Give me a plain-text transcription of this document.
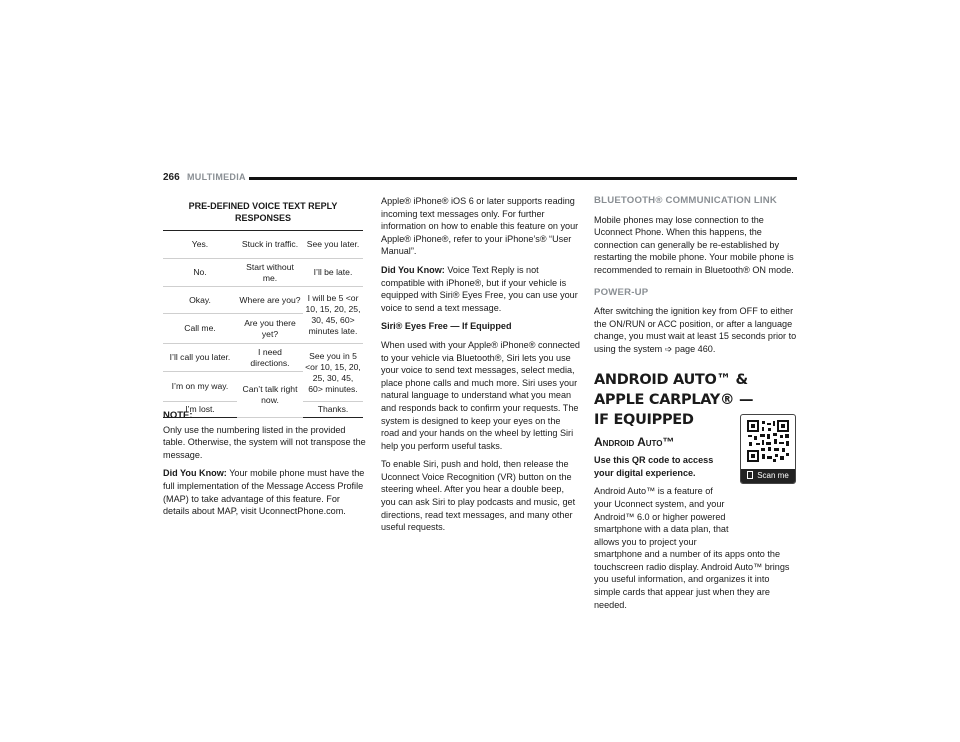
266 MULTIMEDIA
PRE-DEFINED VOICE TEXT REPLY RESPONSES		
Yes.	Stuck in traffic.	See you later.
No.	Start without me.	I’ll be late.
Okay.	Where are you?	I will be 5 <or 10, 15, 20, 25, 30, 45, 60> minutes late.
Call me.	Are you there yet?	
I’ll call you later.	I need directions.	See you in 5 <or 10, 15, 20, 25, 30, 45, 60> minutes.
I’m on my way.	Can’t talk right now.	
I’m lost.		Thanks.
NOTE:

Only use the numbering listed in the provided table. Otherwise, the system will not transpose the message.

Did You Know: Your mobile phone must have the full implementation of the Message Access Profile (MAP) to take advantage of this feature. For details about MAP, visit UconnectPhone.com.

Apple® iPhone® iOS 6 or later supports reading incoming text messages only. For further information on how to enable this feature on your Apple® iPhone®, refer to your iPhone’s® “User Manual”.

Did You Know: Voice Text Reply is not compatible with iPhone®, but if your vehicle is equipped with Siri® Eyes Free, you can use your voice to send a text message.

Siri® Eyes Free — If Equipped

When used with your Apple® iPhone® connected to your vehicle via Bluetooth®, Siri lets you use your voice to send text messages, select media, place phone calls and much more. Siri uses your natural language to understand what you mean and responds back to confirm your requests. The system is designed to keep your eyes on the road and your hands on the wheel by letting Siri help you perform useful tasks.

To enable Siri, push and hold, then release the Uconnect Voice Recognition (VR) button on the steering wheel. After you hear a double beep, you can ask Siri to play podcasts and music, get directions, read text messages, and many other useful requests.

BLUETOOTH® COMMUNICATION LINK

Mobile phones may lose connection to the Uconnect Phone. When this happens, the connection can generally be re-established by restarting the mobile phone. Your mobile phone is recommended to remain in Bluetooth® ON mode.

POWER-UP

After switching the ignition key from OFF to either the ON/RUN or ACC position, or after a language change, you must wait at least 15 seconds prior to using the system ➩ page 460.

ANDROID AUTO™ & APPLE CARPLAY® —
IF EQUIPPED
Android Auto™

Use this QR code to access your digital experience.

Android Auto™ is a feature of your Uconnect system, and your Android™ 6.0 or higher powered smartphone with a data plan, that allows you to project your

smartphone and a number of its apps onto the touchscreen radio display. Android Auto™ brings you useful information, and organizes it into simple cards that appear just when they are needed.

Scan me
